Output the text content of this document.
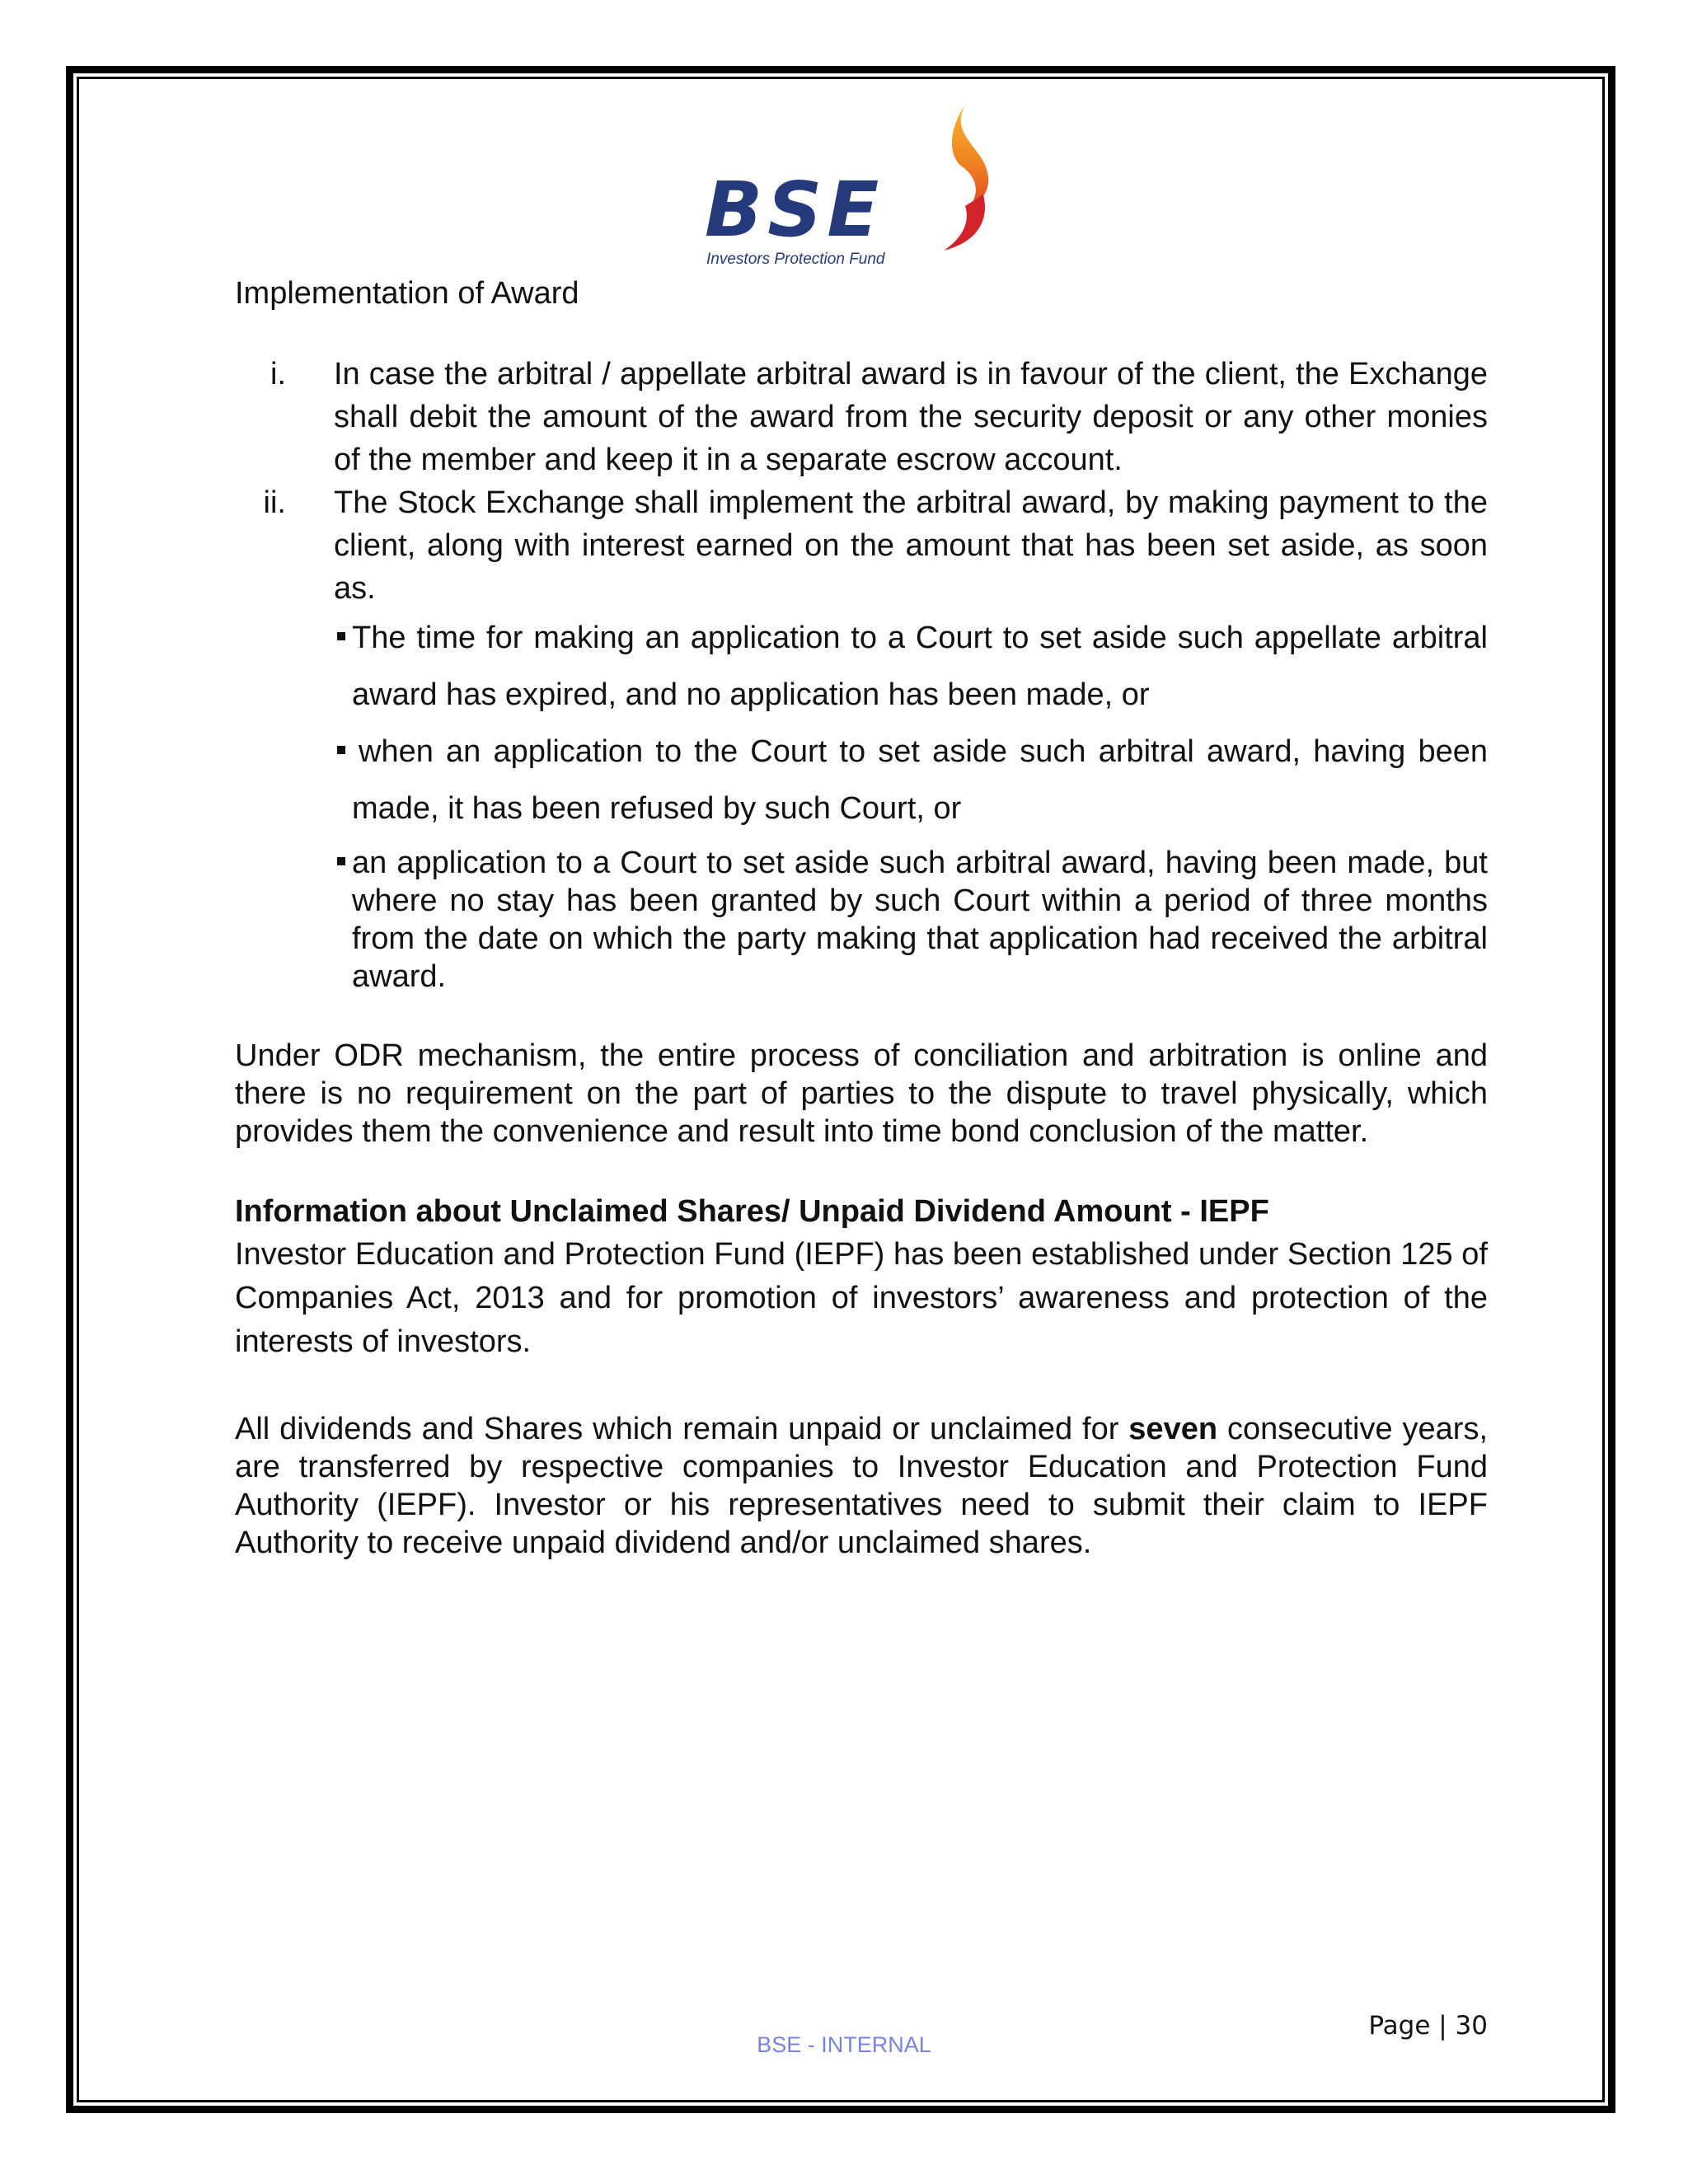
BSE
Investors Protection Fund
Implementation of Award
i. In case the arbitral / appellate arbitral award is in favour of the client, the Exchange shall debit the amount of the award from the security deposit or any other monies of the member and keep it in a separate escrow account.
ii. The Stock Exchange shall implement the arbitral award, by making payment to the client, along with interest earned on the amount that has been set aside, as soon as.
The time for making an application to a Court to set aside such appellate arbitral award has expired, and no application has been made, or
when an application to the Court to set aside such arbitral award, having been made, it has been refused by such Court, or
an application to a Court to set aside such arbitral award, having been made, but where no stay has been granted by such Court within a period of three months from the date on which the party making that application had received the arbitral award.
Under ODR mechanism, the entire process of conciliation and arbitration is online and there is no requirement on the part of parties to the dispute to travel physically, which provides them the convenience and result into time bond conclusion of the matter.
Information about Unclaimed Shares/ Unpaid Dividend Amount - IEPF
Investor Education and Protection Fund (IEPF) has been established under Section 125 of Companies Act, 2013 and for promotion of investors’ awareness and protection of the interests of investors.
All dividends and Shares which remain unpaid or unclaimed for seven consecutive years, are transferred by respective companies to Investor Education and Protection Fund Authority (IEPF). Investor or his representatives need to submit their claim to IEPF Authority to receive unpaid dividend and/or unclaimed shares.
Page | 30
BSE - INTERNAL
